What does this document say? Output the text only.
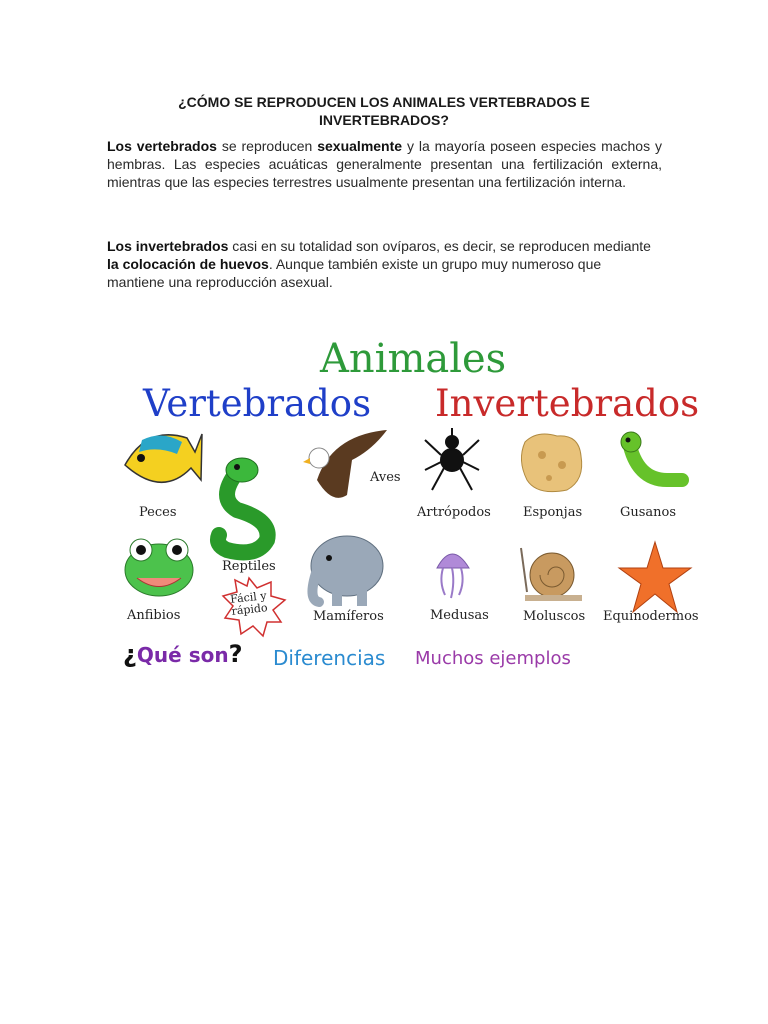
¿CÓMO SE REPRODUCEN LOS ANIMALES VERTEBRADOS E INVERTEBRADOS?
Los vertebrados se reproducen sexualmente y la mayoría poseen especies machos y hembras. Las especies acuáticas generalmente presentan una fertilización externa, mientras que las especies terrestres usualmente presentan una fertilización interna.
Los invertebrados casi en su totalidad son ovíparos, es decir, se reproducen mediante la colocación de huevos. Aunque también existe un grupo muy numeroso que mantiene una reproducción asexual.
Animales
Vertebrados Invertebrados
Peces
Reptiles
Aves
Anfibios	Mamíferos
Artrópodos Esponjas	Gusanos
Medusas	Moluscos Equinodermos
Fácil y
rápido
¿Qué son? Diferencias Muchos ejemplos
